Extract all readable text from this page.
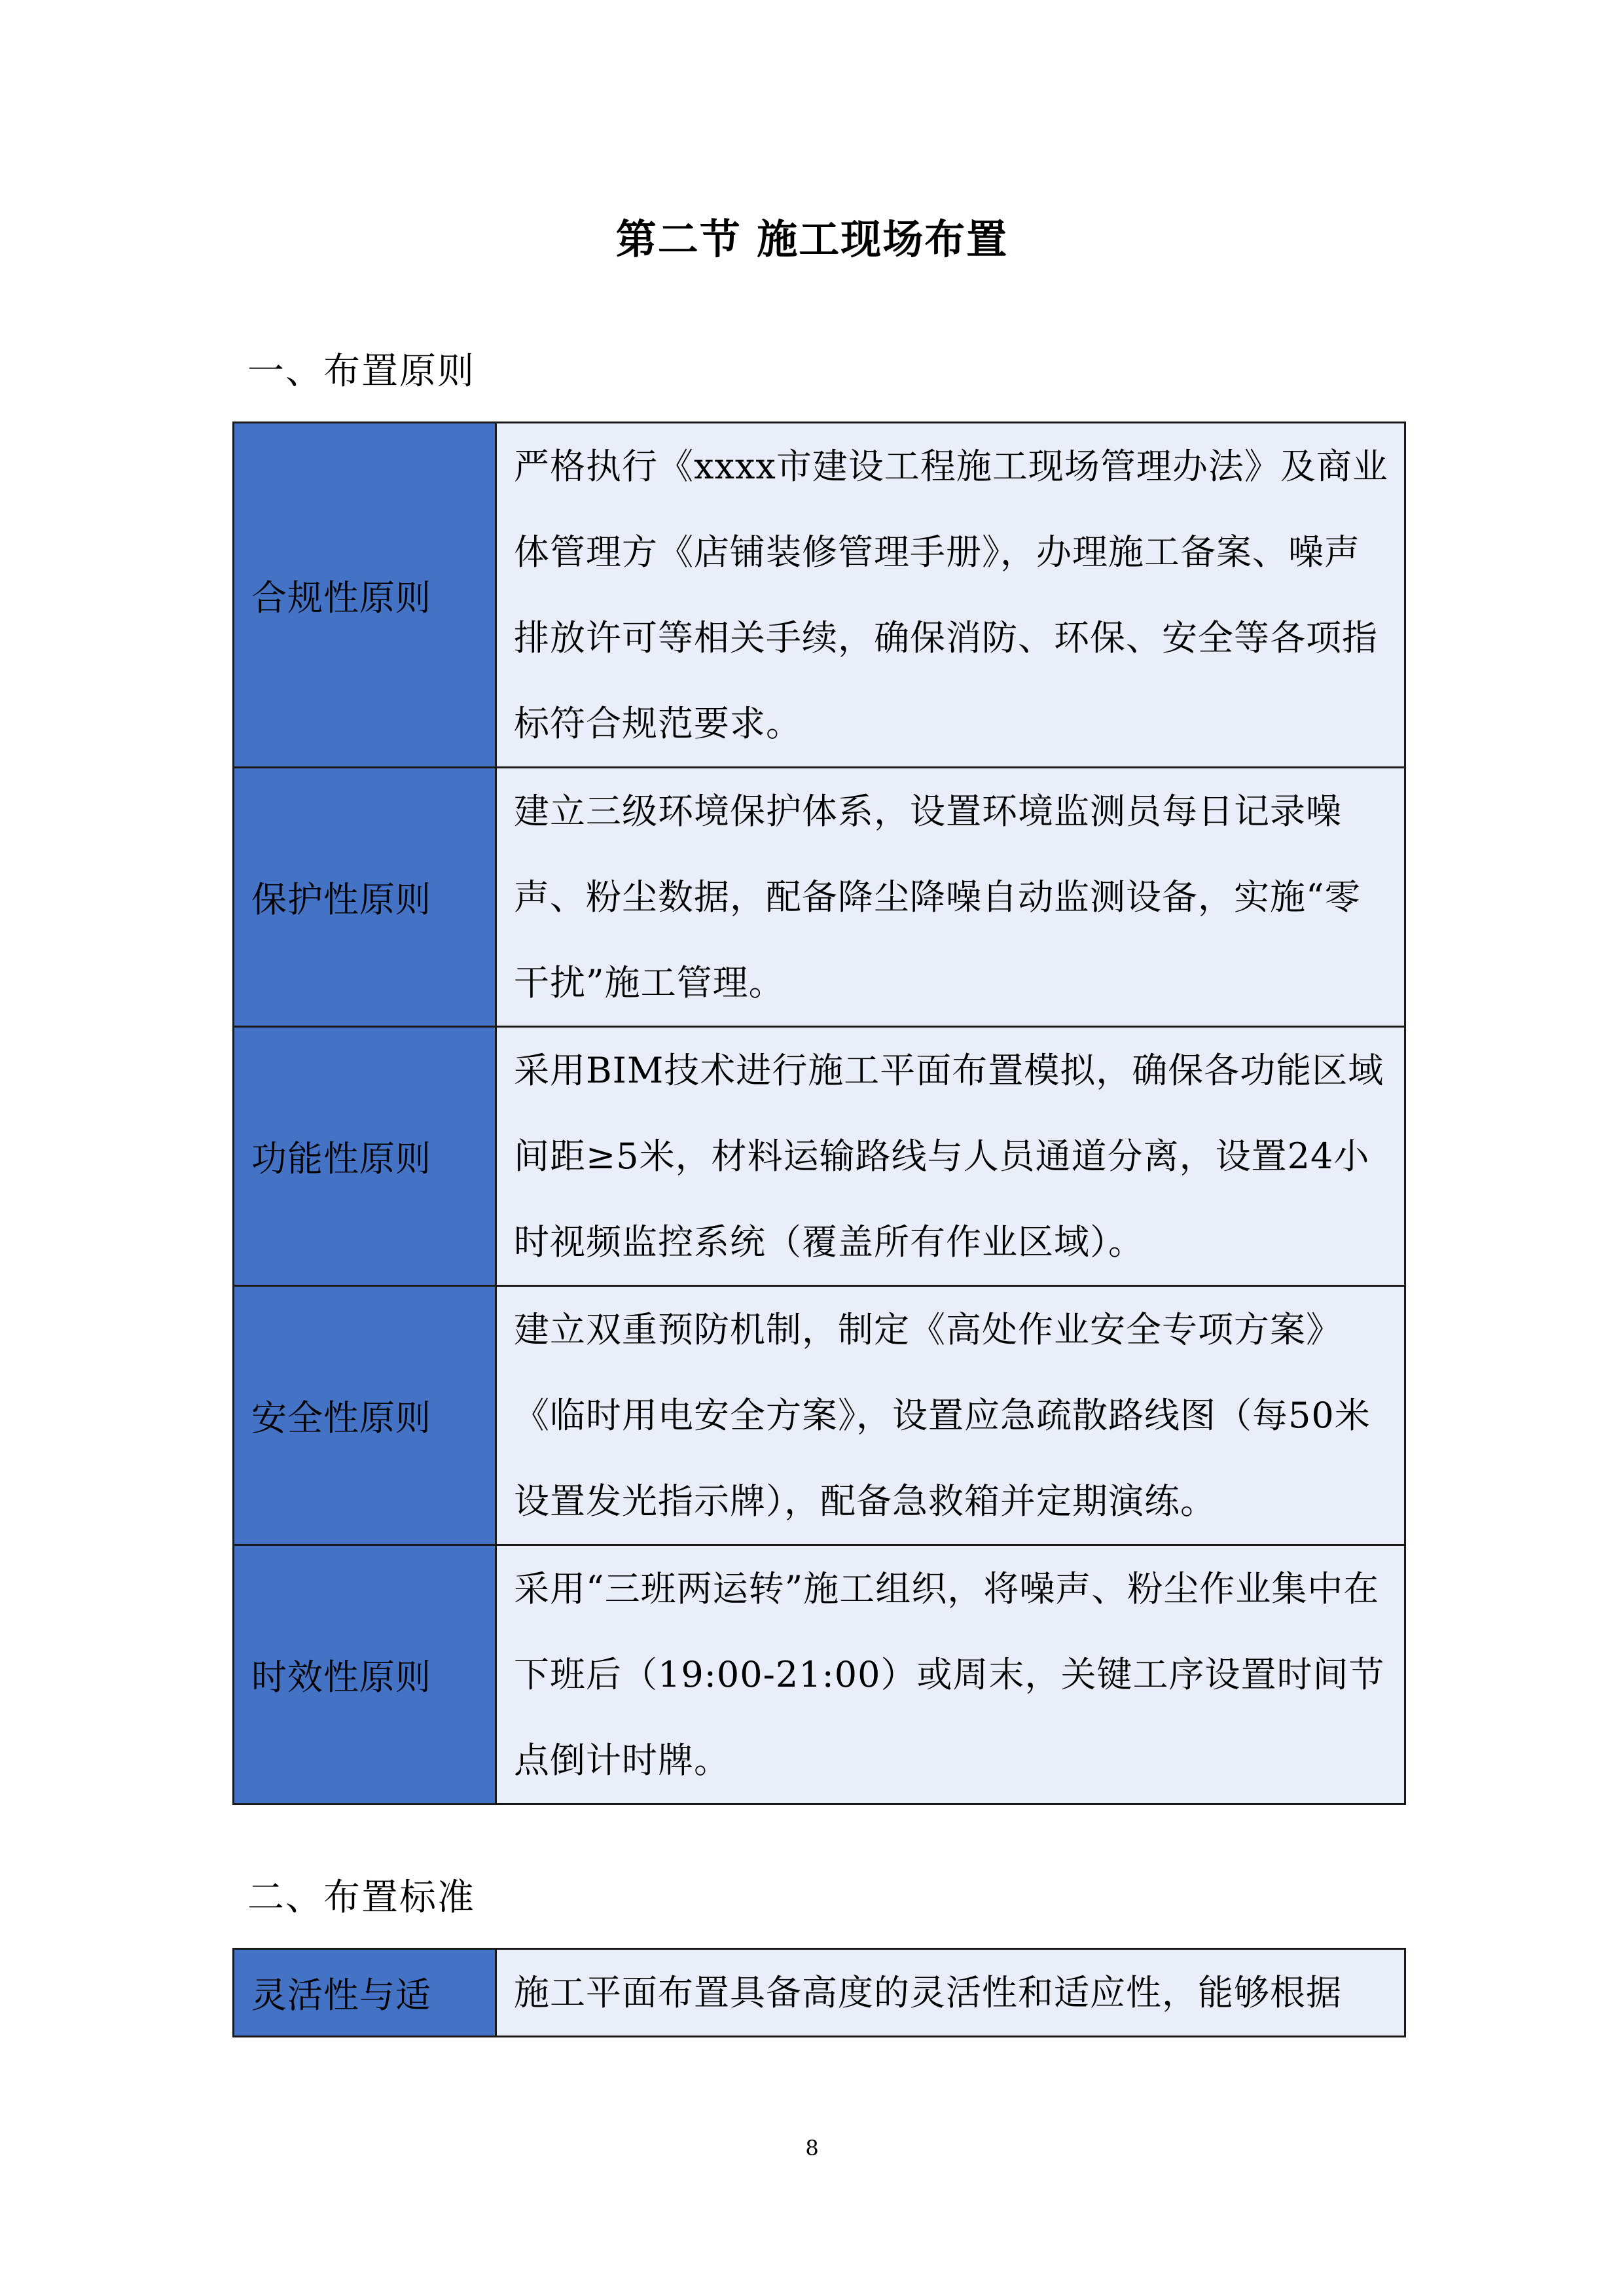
第二节 施工现场布置
一、布置原则
合规性原则	严格执行《xxxx市建设工程施工现场管理办法》及商业体管理方《店铺装修管理手册》，办理施工备案、噪声排放许可等相关手续，确保消防、环保、安全等各项指标符合规范要求。
保护性原则	建立三级环境保护体系，设置环境监测员每日记录噪声、粉尘数据，配备降尘降噪自动监测设备，实施“零干扰”施工管理。
功能性原则	采用BIM技术进行施工平面布置模拟，确保各功能区域间距≥5米，材料运输路线与人员通道分离，设置24小时视频监控系统（覆盖所有作业区域）。
安全性原则	建立双重预防机制，制定《高处作业安全专项方案》《临时用电安全方案》，设置应急疏散路线图（每50米设置发光指示牌），配备急救箱并定期演练。
时效性原则	采用“三班两运转”施工组织，将噪声、粉尘作业集中在下班后（19:00-21:00）或周末，关键工序设置时间节点倒计时牌。
二、布置标准
灵活性与适	施工平面布置具备高度的灵活性和适应性，能够根据
8
